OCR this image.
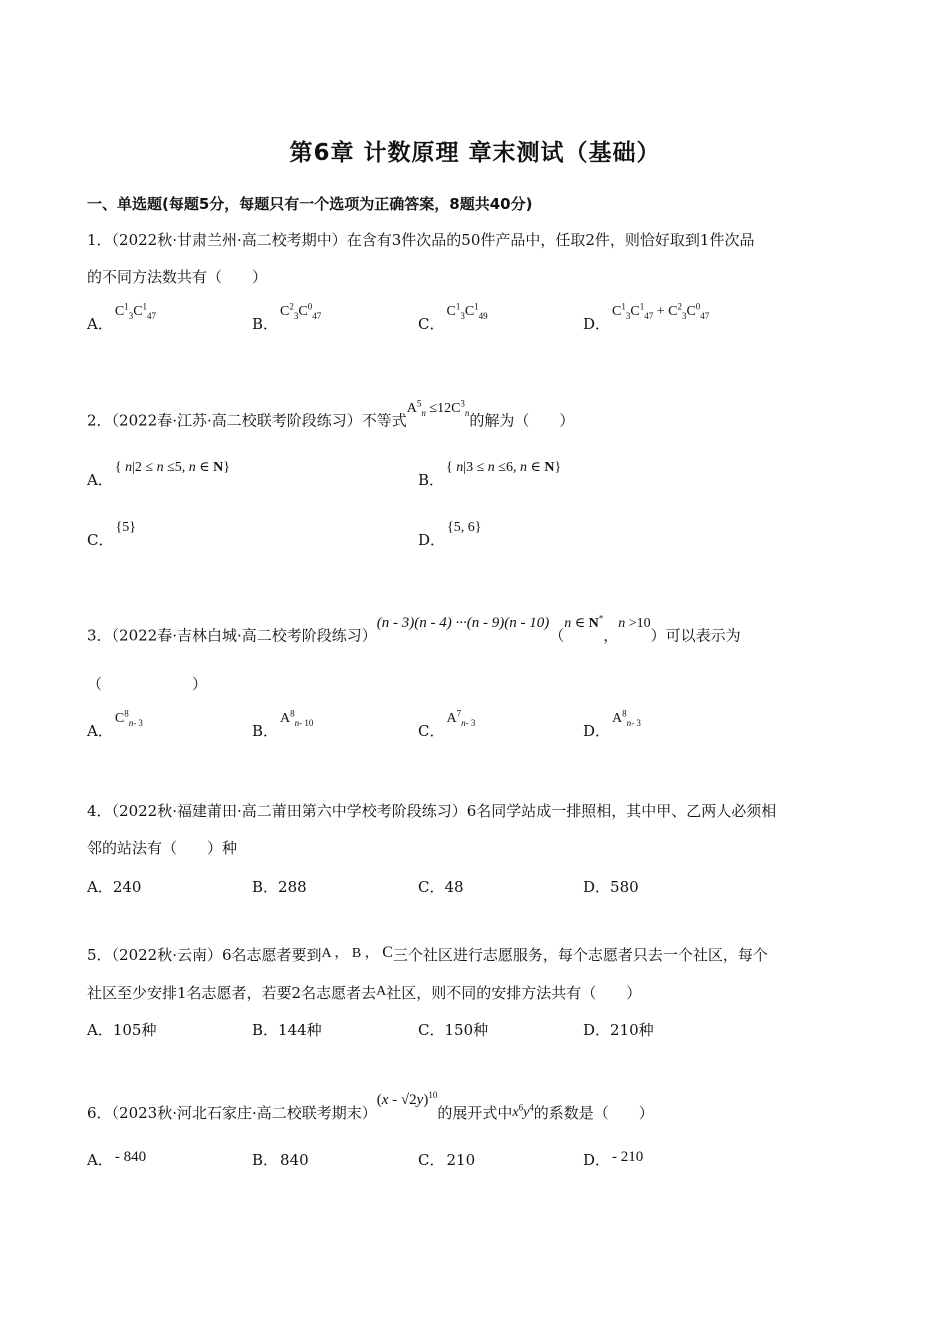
第6章 计数原理 章末测试（基础）
一、单选题(每题5分，每题只有一个选项为正确答案，8题共40分)
1．（2022秋·甘肃兰州·高二校考期中）在含有3件次品的50件产品中，任取2件，则恰好取到1件次品
的不同方法数共有（　　）
A．$C^1_3C^1_{47}$	B．$C^2_3C^0_{47}$	C．$C^1_3C^1_{49}$	D．$C^1_3C^1_{47} + C^2_3C^0_{47}$
2．（2022春·江苏·高二校联考阶段练习）不等式$A^5_n \le 12C^3_n$的解为（　　）
A．{ n|2 ≤ n ≤5, n ∈ N}
B．{ n|3 ≤ n ≤6, n ∈ N}
C．{5}
D．{5, 6}
3．（2022春·吉林白城·高二校考阶段练习）(n - 3)(n - 4) ···(n - 9)(n - 10)（n ∈ N*，n >10）可以表示为
（　　　　　　）
A．$C^8_{n- 3}$	B．$A^8_{n- 10}$	C．$A^7_{n- 3}$	D．$A^8_{n- 3}$
4．（2022秋·福建莆田·高二莆田第六中学校考阶段练习）6名同学站成一排照相，其中甲、乙两人必须相
邻的站法有（　　）种
A．240	B．288	C．48	D．580
5．（2022秋·云南）6名志愿者要到A ， B ， C三个社区进行志愿服务，每个志愿者只去一个社区，每个
社区至少安排1名志愿者，若要2名志愿者去A社区，则不同的安排方法共有（　　）
A．105种	B．144种	C．150种	D．210种
6．（2023秋·河北石家庄·高二校联考期末）(x - √2y)$^{10}$的展开式中$x^6y^4$的系数是（　　）
A． - 840	B． 840	C． 210	D． - 210
